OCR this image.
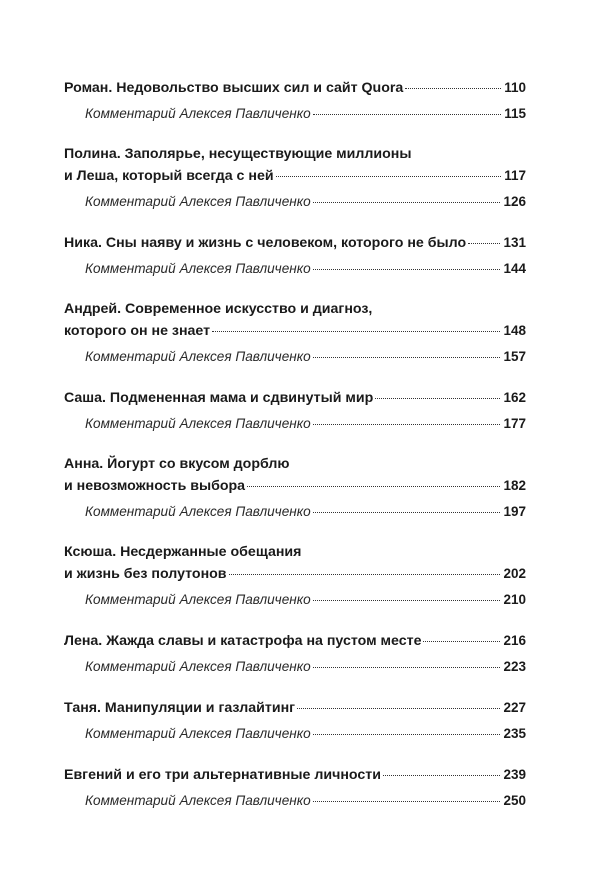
Роман. Недовольство высших сил и сайт Quora	110
Комментарий Алексея Павличенко	115
Полина. Заполярье, несуществующие миллионы
и Леша, который всегда с ней	117
Комментарий Алексея Павличенко	126
Ника. Сны наяву и жизнь с человеком, которого не было	131
Комментарий Алексея Павличенко	144
Андрей. Современное искусство и диагноз,
которого он не знает	148
Комментарий Алексея Павличенко	157
Саша. Подмененная мама и сдвинутый мир	162
Комментарий Алексея Павличенко	177
Анна. Йогурт со вкусом дорблю
и невозможность выбора	182
Комментарий Алексея Павличенко	197
Ксюша. Несдержанные обещания
и жизнь без полутонов	202
Комментарий Алексея Павличенко	210
Лена. Жажда славы и катастрофа на пустом месте	216
Комментарий Алексея Павличенко	223
Таня. Манипуляции и газлайтинг	227
Комментарий Алексея Павличенко	235
Евгений и его три альтернативные личности	239
Комментарий Алексея Павличенко	250
